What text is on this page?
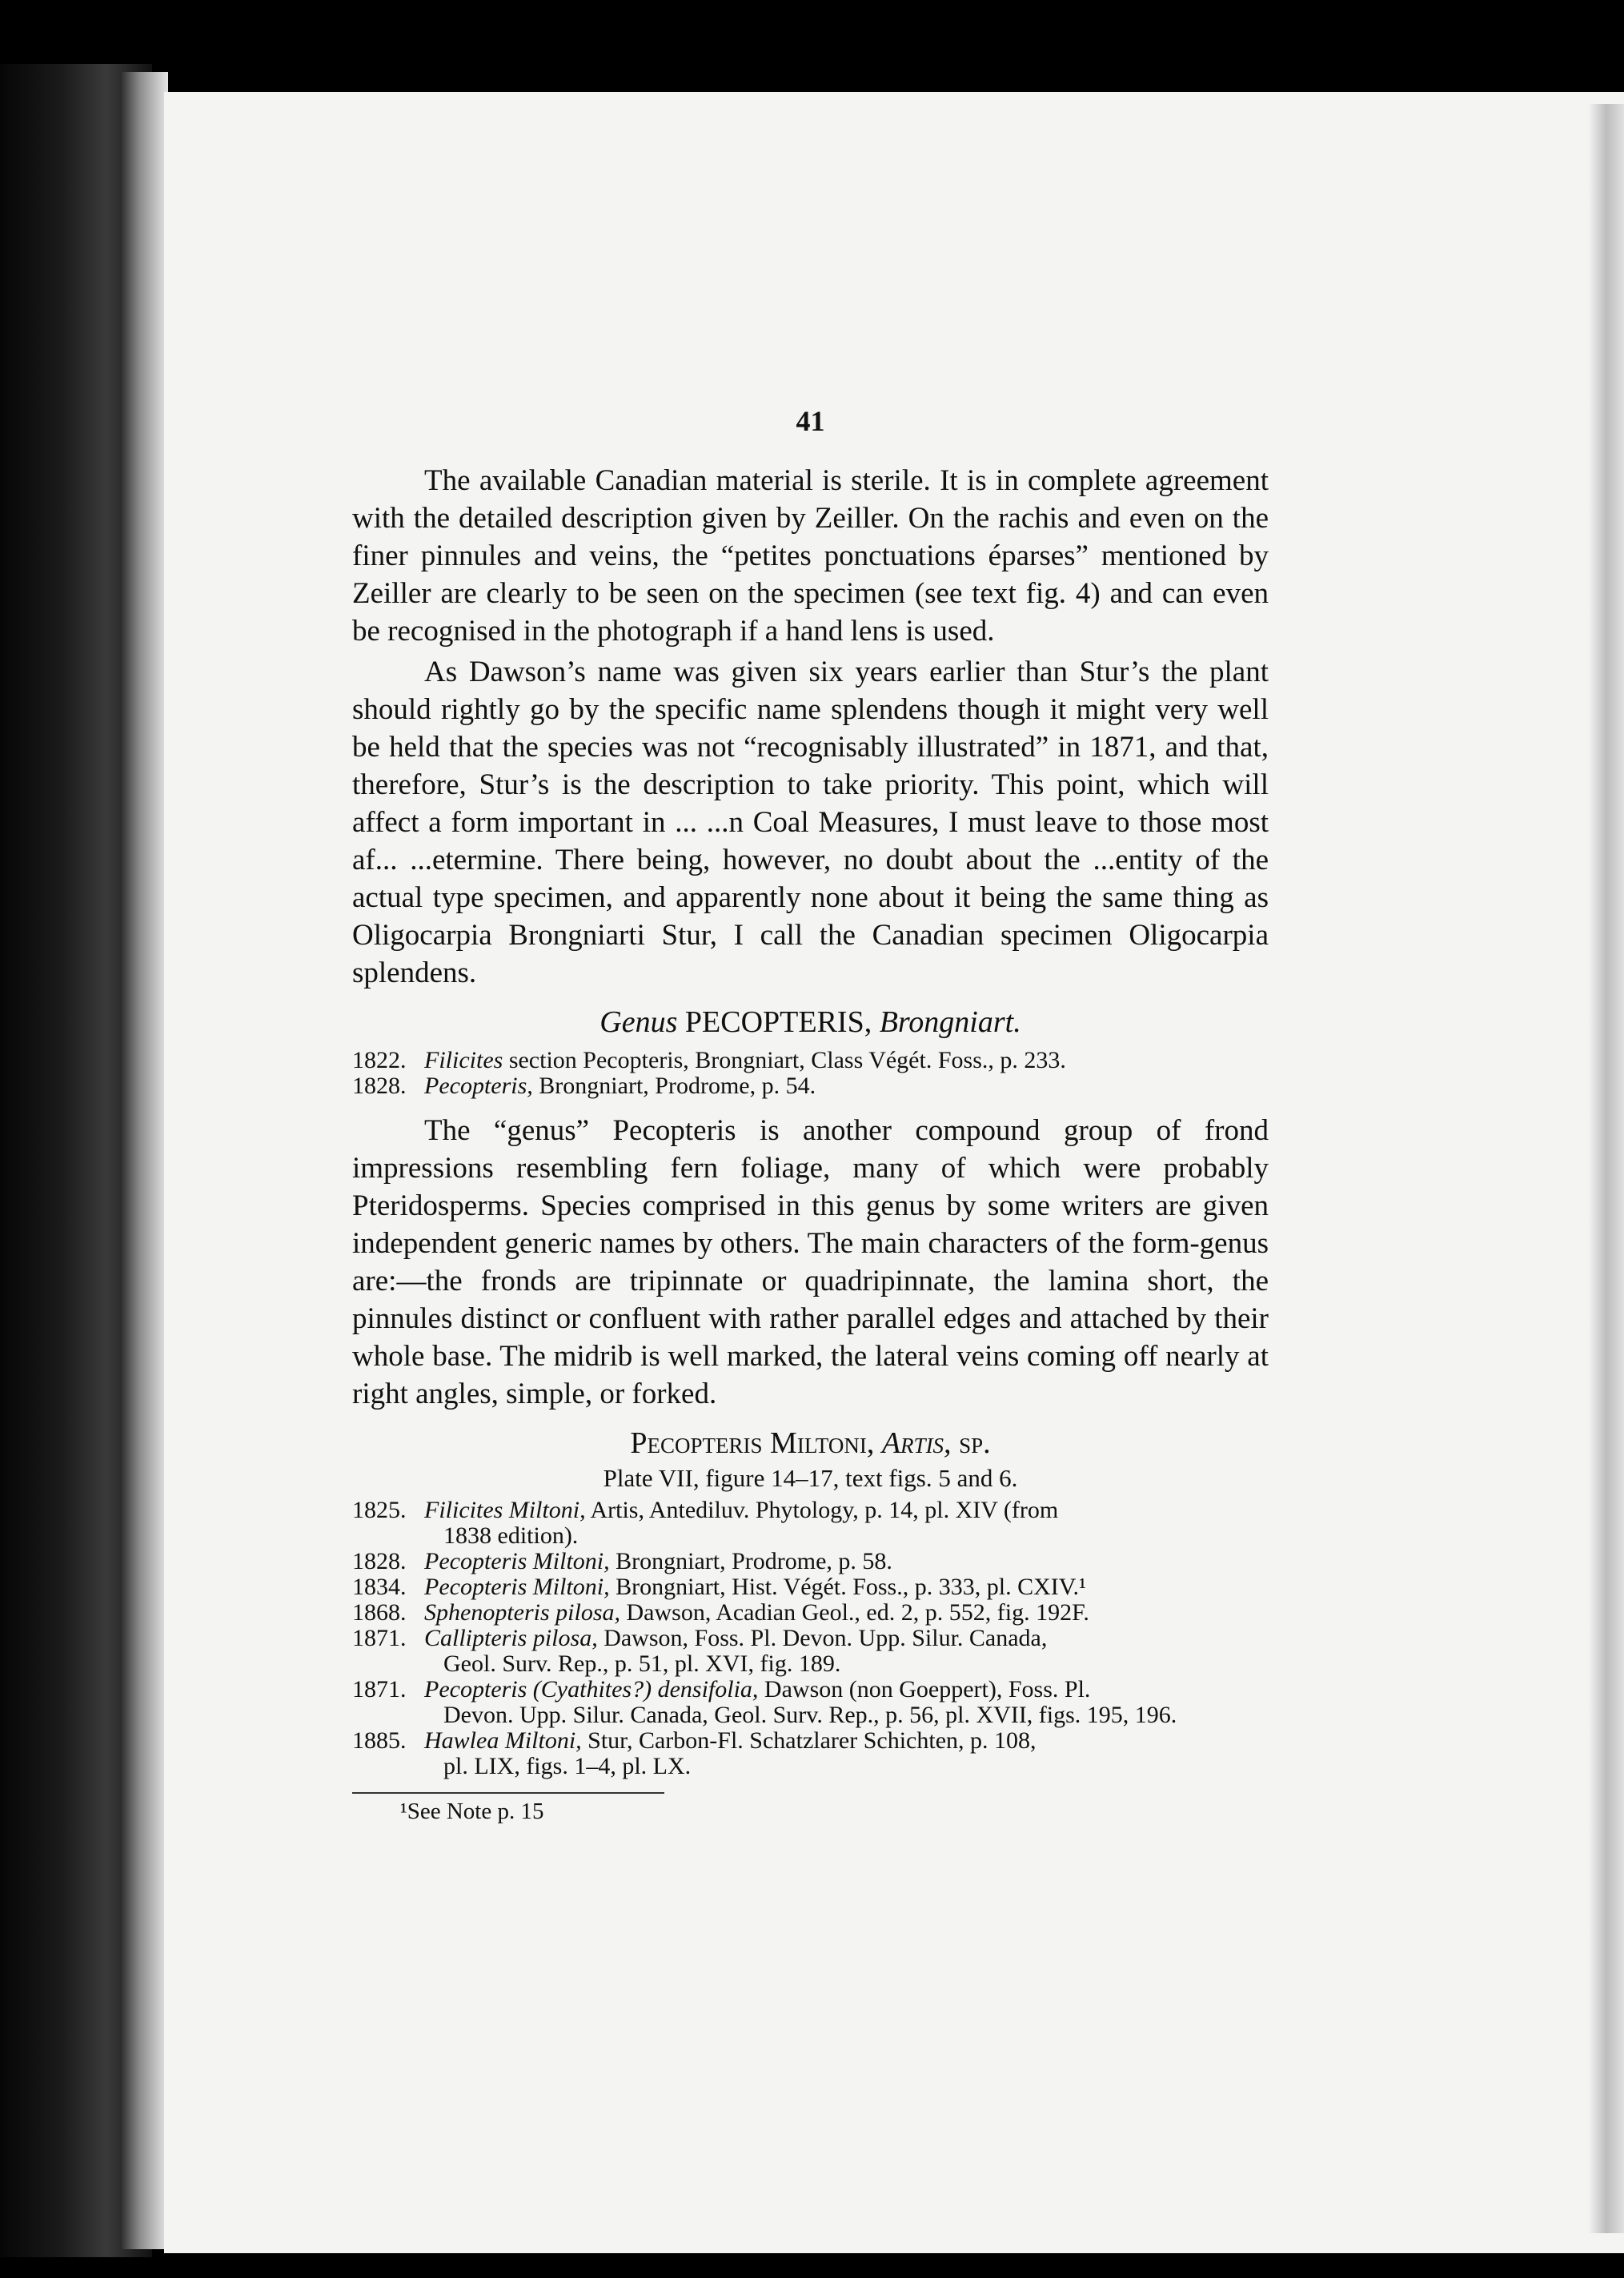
41

The available Canadian material is sterile. It is in complete agreement with the detailed description given by Zeiller. On the rachis and even on the finer pinnules and veins, the “petites ponctuations éparses” mentioned by Zeiller are clearly to be seen on the specimen (see text fig. 4) and can even be recognised in the photograph if a hand lens is used.

As Dawson’s name was given six years earlier than Stur’s the plant should rightly go by the specific name splendens though it might very well be held that the species was not “recognisably illustrated” in 1871, and that, therefore, Stur’s is the description to take priority. This point, which will affect a form important in ... ...n Coal Measures, I must leave to those most af... ...etermine. There being, however, no doubt about the ...entity of the actual type specimen, and apparently none about it being the same thing as Oligocarpia Brongniarti Stur, I call the Canadian specimen Oligocarpia splendens.

Genus PECOPTERIS, Brongniart.
1822. Filicites section Pecopteris, Brongniart, Class Végét. Foss., p. 233.
1828. Pecopteris, Brongniart, Prodrome, p. 54.

The “genus” Pecopteris is another compound group of frond impressions resembling fern foliage, many of which were probably Pteridosperms. Species comprised in this genus by some writers are given independent generic names by others. The main characters of the form-genus are:—the fronds are tripinnate or quadripinnate, the lamina short, the pinnules distinct or confluent with rather parallel edges and attached by their whole base. The midrib is well marked, the lateral veins coming off nearly at right angles, simple, or forked.

Pecopteris Miltoni, Artis, sp.
Plate VII, figure 14–17, text figs. 5 and 6.
1825. Filicites Miltoni, Artis, Antediluv. Phytology, p. 14, pl. XIV (from
1838 edition).
1828. Pecopteris Miltoni, Brongniart, Prodrome, p. 58.
1834. Pecopteris Miltoni, Brongniart, Hist. Végét. Foss., p. 333, pl. CXIV.¹
1868. Sphenopteris pilosa, Dawson, Acadian Geol., ed. 2, p. 552, fig. 192F.
1871. Callipteris pilosa, Dawson, Foss. Pl. Devon. Upp. Silur. Canada,
Geol. Surv. Rep., p. 51, pl. XVI, fig. 189.
1871. Pecopteris (Cyathites?) densifolia, Dawson (non Goeppert), Foss. Pl.
Devon. Upp. Silur. Canada, Geol. Surv. Rep., p. 56, pl. XVII, figs. 195, 196.
1885. Hawlea Miltoni, Stur, Carbon-Fl. Schatzlarer Schichten, p. 108,
pl. LIX, figs. 1–4, pl. LX.
¹See Note p. 15
